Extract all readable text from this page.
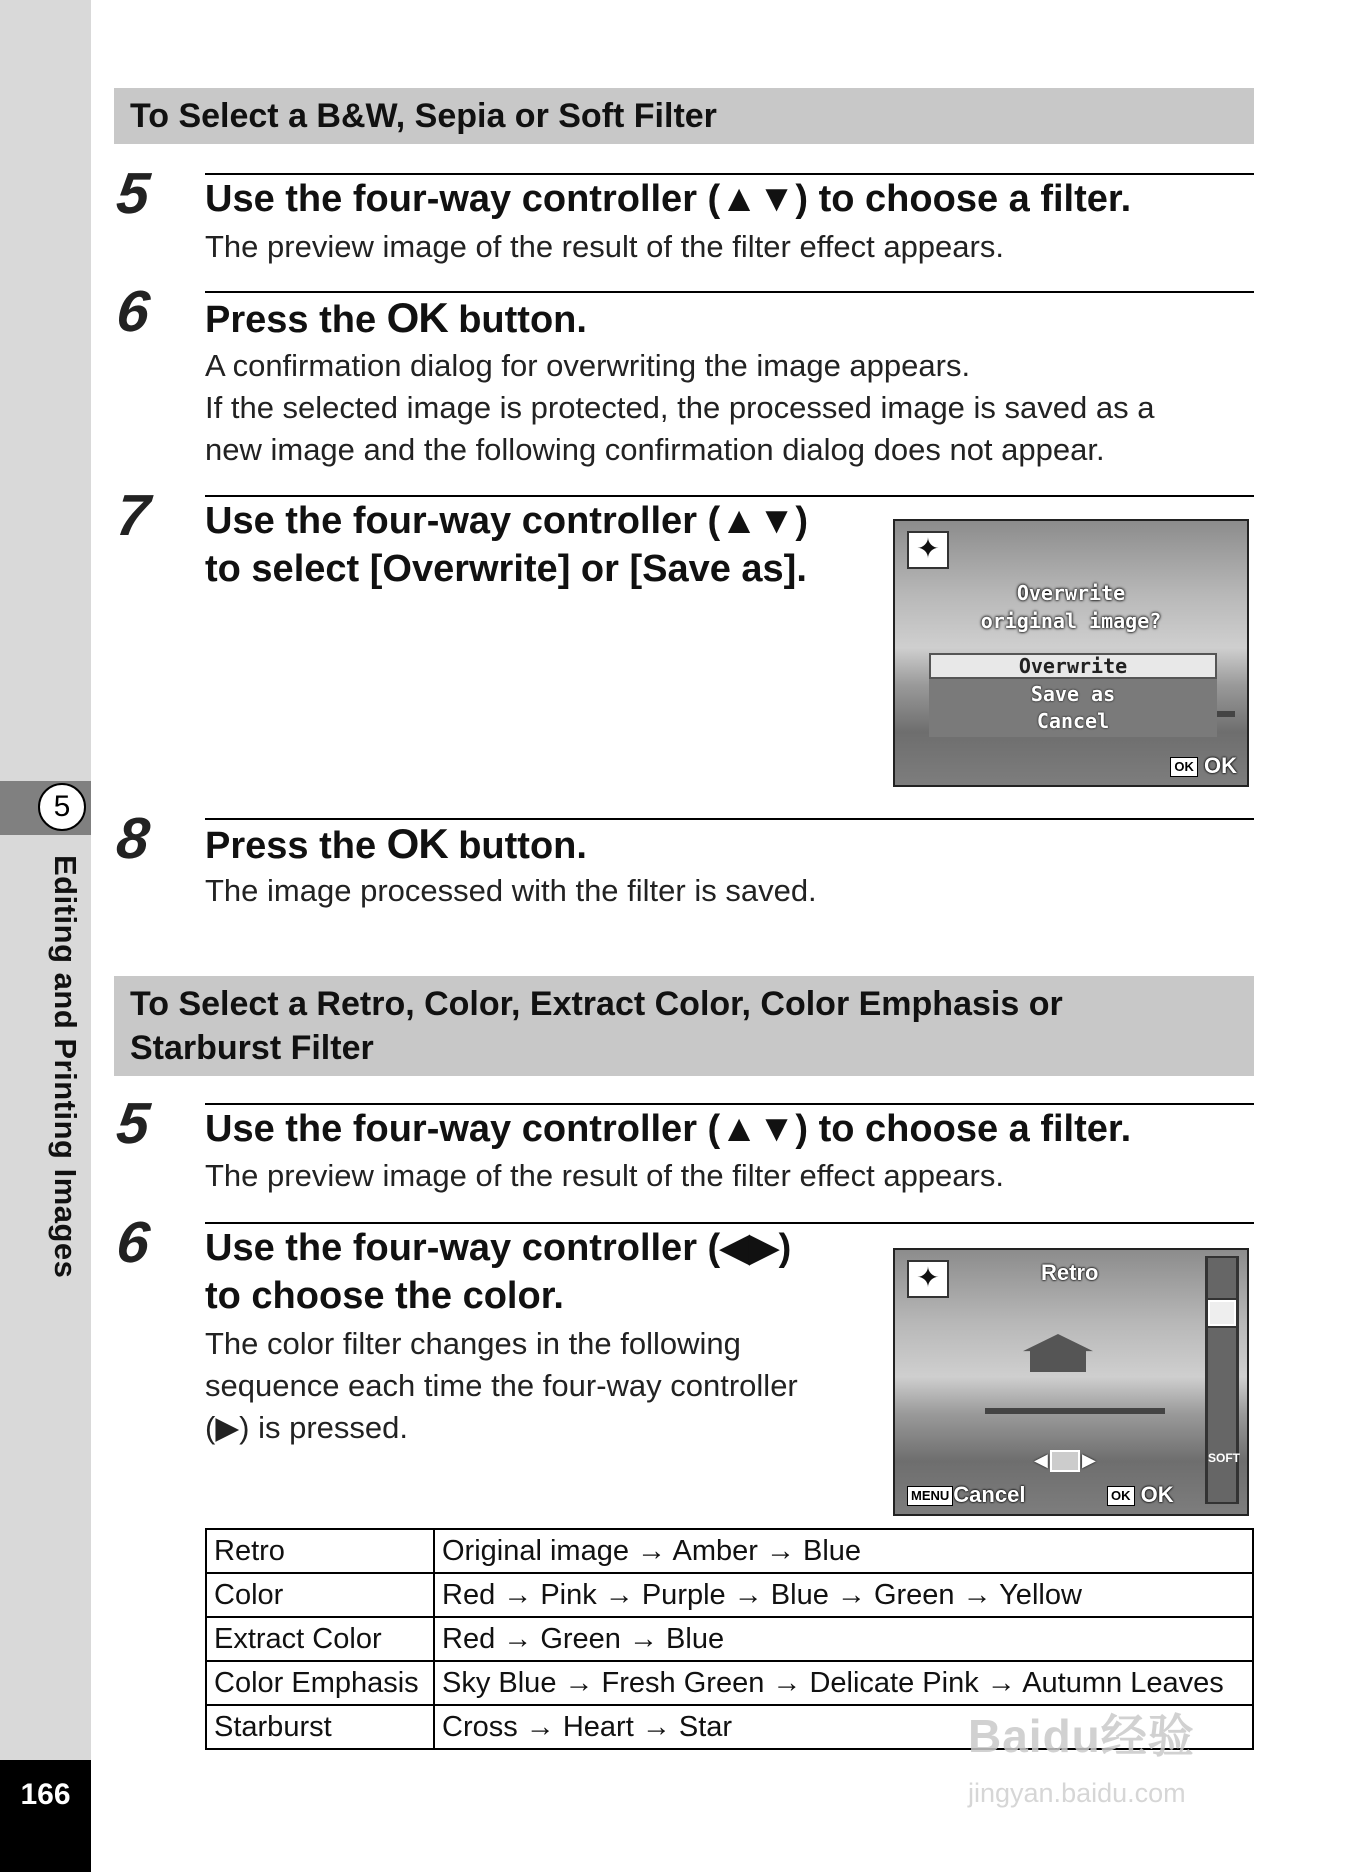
5
Editing and Printing Images
166
To Select a B&W, Sepia or Soft Filter
5 Use the four-way controller (▲▼) to choose a filter.
The preview image of the result of the filter effect appears.
6 Press the OK button.
A confirmation dialog for overwriting the image appears.
If the selected image is protected, the processed image is saved as a
new image and the following confirmation dialog does not appear.
7 Use the four-way controller (▲▼)
to select [Overwrite] or [Save as].	✦
Overwrite
original image?
Overwrite
Save as
Cancel
OK OK
8 Press the OK button.
The image processed with the filter is saved.
To Select a Retro, Color, Extract Color, Color Emphasis or
Starburst Filter
5 Use the four-way controller (▲▼) to choose a filter.
The preview image of the result of the filter effect appears.
6 Use the four-way controller (◀▶)
to choose the color.
The color filter changes in the following
sequence each time the four-way controller
(▶) is pressed.
✦	Retro
SOFT
◀ ▶
MENU Cancel	OK OK
Retro	Original image → Amber → Blue
Color	Red → Pink → Purple → Blue → Green → Yellow
Extract Color	Red → Green → Blue
Color Emphasis	Sky Blue → Fresh Green → Delicate Pink → Autumn Leaves
Starburst	Cross → Heart → Star	Baidu经验
jingyan.baidu.com
